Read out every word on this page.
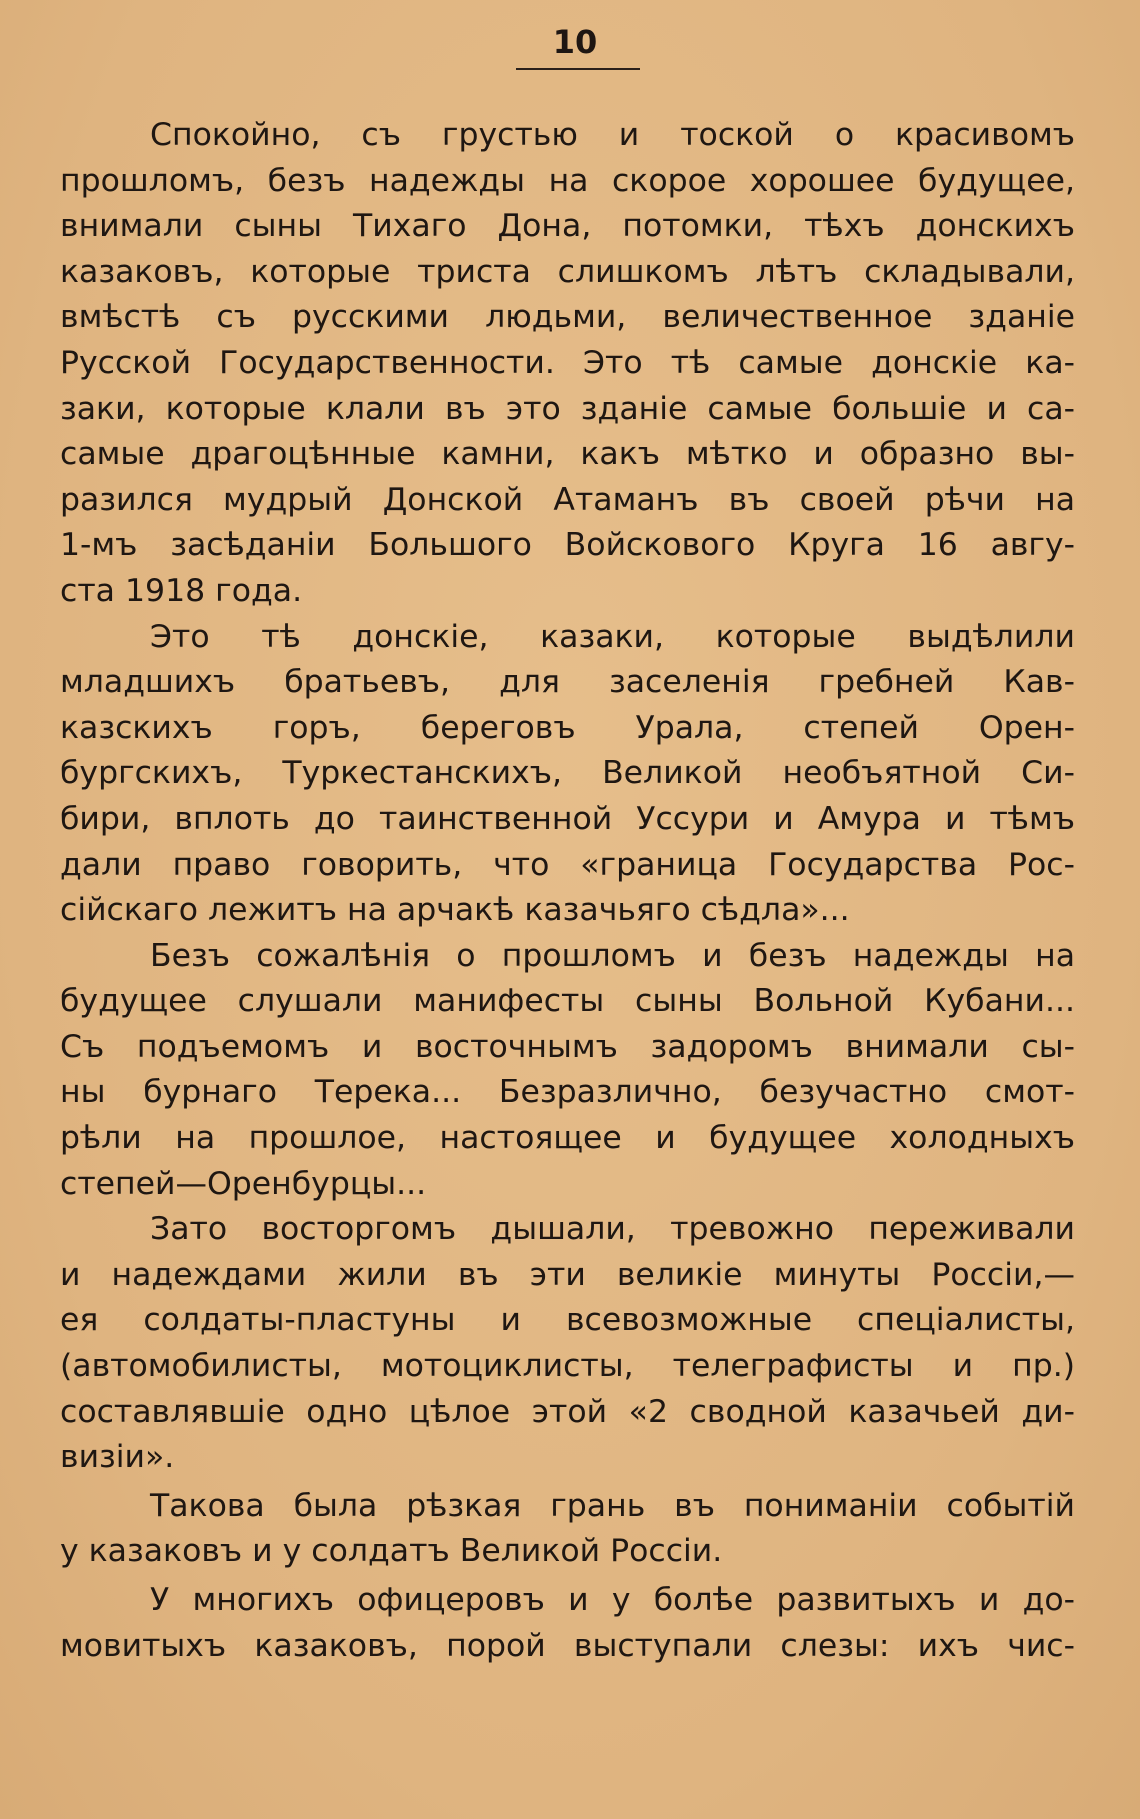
10

Спокойно, съ грустью и тоской о красивомъ
прошломъ, безъ надежды на скорое хорошее будущее,
внимали сыны Тихаго Дона, потомки, тѣхъ донскихъ
казаковъ, которые триста слишкомъ лѣтъ складывали,
вмѣстѣ съ русскими людьми, величественное зданіе
Русской Государственности. Это тѣ самые донскіе ка-
заки, которые клали въ это зданіе самые большіе и са-
самые драгоцѣнные камни, какъ мѣтко и образно вы-
разился мудрый Донской Атаманъ въ своей рѣчи на
1-мъ засѣданіи Большого Войскового Круга 16 авгу-
ста 1918 года.

Это тѣ донскіе, казаки, которые выдѣлили
младшихъ братьевъ, для заселенія гребней Кав-
казскихъ горъ, береговъ Урала, степей Орен-
бургскихъ, Туркестанскихъ, Великой необъятной Си-
бири, вплоть до таинственной Уссури и Амура и тѣмъ
дали право говорить, что «граница Государства Рос-
сійскаго лежитъ на арчакѣ казачьяго сѣдла»...

Безъ сожалѣнія о прошломъ и безъ надежды на
будущее слушали манифесты сыны Вольной Кубани...
Съ подъемомъ и восточнымъ задоромъ внимали сы-
ны бурнаго Терека... Безразлично, безучастно смот-
рѣли на прошлое, настоящее и будущее холодныхъ
степей—Оренбурцы...

Зато восторгомъ дышали, тревожно переживали
и надеждами жили въ эти великіе минуты Россіи,—
ея солдаты-пластуны и всевозможные спеціалисты,
(автомобилисты, мотоциклисты, телеграфисты и пр.)
составлявшіе одно цѣлое этой «2 сводной казачьей ди-
визіи».

Такова была рѣзкая грань въ пониманіи событій
у казаковъ и у солдатъ Великой Россіи.

У многихъ офицеровъ и у болѣе развитыхъ и до-
мовитыхъ казаковъ, порой выступали слезы: ихъ чис-
